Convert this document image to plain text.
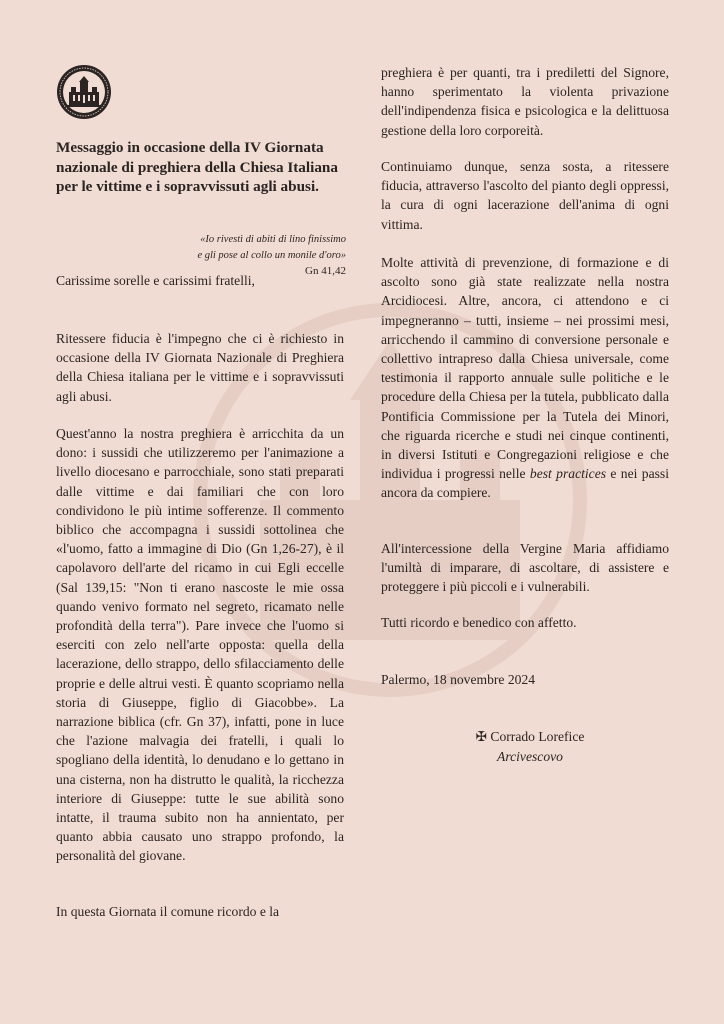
Messaggio in occasione della IV Giornata nazionale di preghiera della Chiesa Italiana per le vittime e i sopravvissuti agli abusi.
«Io rivestì di abiti di lino finissimo
e gli pose al collo un monile d'oro»
Gn 41,42

Carissime sorelle e carissimi fratelli,

Ritessere fiducia è l'impegno che ci è richiesto in occasione della IV Giornata Nazionale di Preghiera della Chiesa italiana per le vittime e i sopravvissuti agli abusi.

Quest'anno la nostra preghiera è arricchita da un dono: i sussidi che utilizzeremo per l'animazione a livello diocesano e parrocchiale, sono stati preparati dalle vittime e dai familiari che con loro condividono le più intime sofferenze. Il commento biblico che accompagna i sussidi sottolinea che «l'uomo, fatto a immagine di Dio (Gn 1,26-27), è il capolavoro dell'arte del ricamo in cui Egli eccelle (Sal 139,15: "Non ti erano nascoste le mie ossa quando venivo formato nel segreto, ricamato nelle profondità della terra"). Pare invece che l'uomo si eserciti con zelo nell'arte opposta: quella della lacerazione, dello strappo, dello sfilacciamento delle proprie e delle altrui vesti. È quanto scopriamo nella storia di Giuseppe, figlio di Giacobbe». La narrazione biblica (cfr. Gn 37), infatti, pone in luce che l'azione malvagia dei fratelli, i quali lo spogliano della identità, lo denudano e lo gettano in una cisterna, non ha distrutto le qualità, la ricchezza interiore di Giuseppe: tutte le sue abilità sono intatte, il trauma subito non ha annientato, per quanto abbia causato uno strappo profondo, la personalità del giovane.

In questa Giornata il comune ricordo e la

preghiera è per quanti, tra i prediletti del Signore, hanno sperimentato la violenta privazione dell'indipendenza fisica e psicologica e la delittuosa gestione della loro corporeità.

Continuiamo dunque, senza sosta, a ritessere fiducia, attraverso l'ascolto del pianto degli oppressi, la cura di ogni lacerazione dell'anima di ogni vittima.

Molte attività di prevenzione, di formazione e di ascolto sono già state realizzate nella nostra Arcidiocesi. Altre, ancora, ci attendono e ci impegneranno – tutti, insieme – nei prossimi mesi, arricchendo il cammino di conversione personale e collettivo intrapreso dalla Chiesa universale, come testimonia il rapporto annuale sulle politiche e le procedure della Chiesa per la tutela, pubblicato dalla Pontificia Commissione per la Tutela dei Minori, che riguarda ricerche e studi nei cinque continenti, in diversi Istituti e Congregazioni religiose e che individua i progressi nelle best practices e nei passi ancora da compiere.

All'intercessione della Vergine Maria affidiamo l'umiltà di imparare, di ascoltare, di assistere e proteggere i più piccoli e i vulnerabili.

Tutti ricordo e benedico con affetto.

Palermo, 18 novembre 2024

✠ Corrado Lorefice
Arcivescovo
